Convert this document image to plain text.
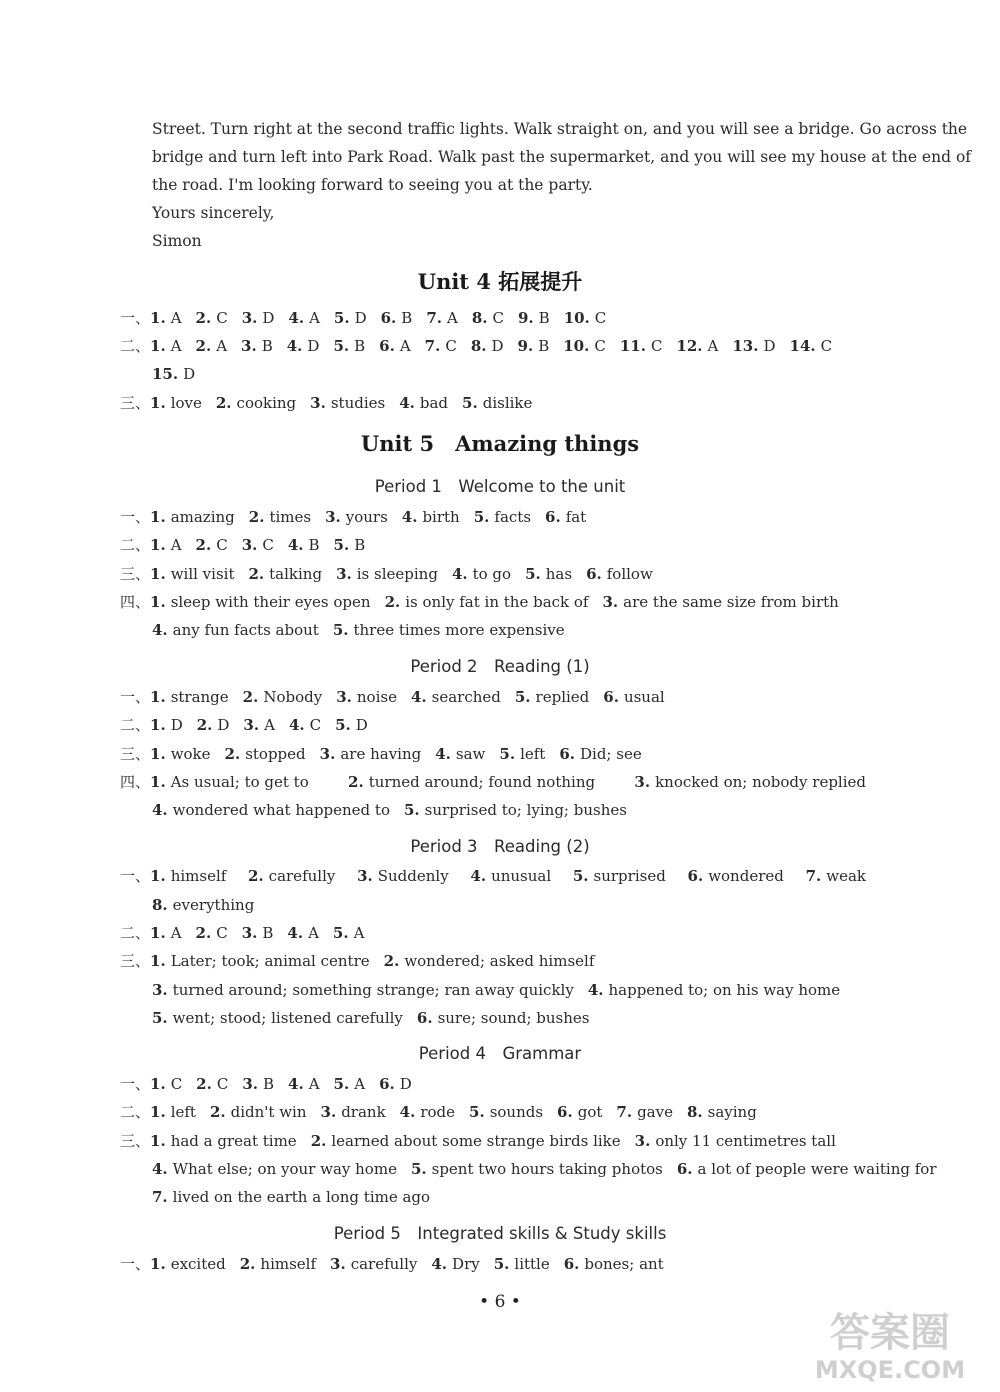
Street. Turn right at the second traffic lights. Walk straight on, and you will see a bridge. Go across the
bridge and turn left into Park Road. Walk past the supermarket, and you will see my house at the end of
the road. I'm looking forward to seeing you at the party.
Yours sincerely,
Simon
Unit 4 拓展提升
一、1. A 2. C 3. D 4. A 5. D 6. B 7. A 8. C 9. B 10. C
二、1. A 2. A 3. B 4. D 5. B 6. A 7. C 8. D 9. B 10. C 11. C 12. A 13. D 14. C
15. D
三、1. love 2. cooking 3. studies 4. bad 5. dislike
Unit 5　Amazing things
Period 1　Welcome to the unit
一、1. amazing 2. times 3. yours 4. birth 5. facts 6. fat
二、1. A 2. C 3. C 4. B 5. B
三、1. will visit 2. talking 3. is sleeping 4. to go 5. has 6. follow
四、1. sleep with their eyes open 2. is only fat in the back of 3. are the same size from birth
4. any fun facts about 5. three times more expensive
Period 2　Reading (1)
一、1. strange 2. Nobody 3. noise 4. searched 5. replied 6. usual
二、1. D 2. D 3. A 4. C 5. D
三、1. woke 2. stopped 3. are having 4. saw 5. left 6. Did; see
四、 1. As usual; to get to	2. turned around; found nothing	3. knocked on; nobody replied
4. wondered what happened to 5. surprised to; lying; bushes
Period 3　Reading (2)
一、 1. himself 2. carefully 3. Suddenly 4. unusual 5. surprised 6. wondered 7. weak
8. everything
二、1. A 2. C 3. B 4. A 5. A
三、1. Later; took; animal centre 2. wondered; asked himself
3. turned around; something strange; ran away quickly 4. happened to; on his way home
5. went; stood; listened carefully 6. sure; sound; bushes
Period 4　Grammar
一、1. C 2. C 3. B 4. A 5. A 6. D
二、1. left 2. didn't win 3. drank 4. rode 5. sounds 6. got 7. gave 8. saying
三、1. had a great time 2. learned about some strange birds like 3. only 11 centimetres tall
4. What else; on your way home 5. spent two hours taking photos 6. a lot of people were waiting for
7. lived on the earth a long time ago
Period 5　Integrated skills & Study skills
一、1. excited 2. himself 3. carefully 4. Dry 5. little 6. bones; ant
• 6 •
答案圈
MXQE.COM
